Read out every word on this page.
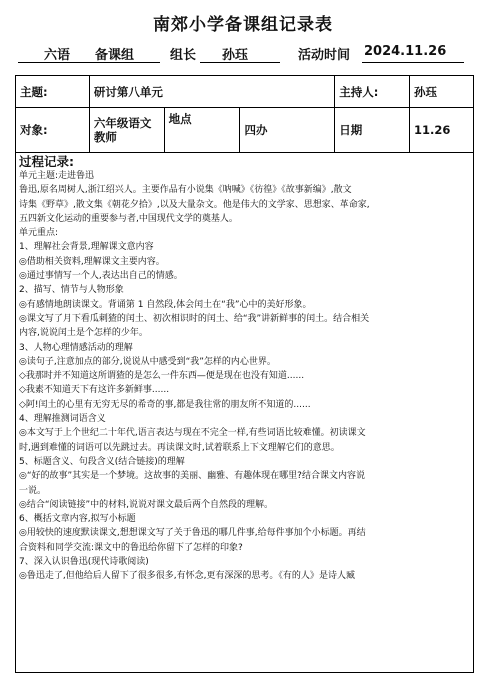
南郊小学备课组记录表
六语 备课组	组长 孙珏	活动时间 2024.11.26
主题:	研讨第八单元			主持人:	孙珏
对象:	六年级语文教师	地点	四办	日期	11.26
过程记录:
单元主题:走进鲁迅
鲁迅,原名周树人,浙江绍兴人。主要作品有小说集《呐喊》《彷徨》《故事新编》,散文
诗集《野草》,散文集《朝花夕拾》,以及大量杂文。他是伟大的文学家、思想家、革命家,
五四新文化运动的重要参与者,中国现代文学的奠基人。
单元重点:
1、理解社会背景,理解课文意内容
◎借助相关资料,理解课文主要内容。
◎通过事情写一个人,表达出自己的情感。
2、描写、情节与人物形象
◎有感情地朗读课文。背诵第 1 自然段,体会闰土在“我”心中的美好形象。
◎课文写了月下看瓜刺猹的闰土、初次相识时的闰土、给“我”讲新鲜事的闰土。结合相关
内容,说说闰土是个怎样的少年。
3、人物心理情感活动的理解
◎读句子,注意加点的部分,说说从中感受到“我”怎样的内心世界。
◇我那时并不知道这所谓猹的是怎么一件东西—便是现在也没有知道......
◇我素不知道天下有这许多新鲜事......
◇阿!闰土的心里有无穷无尽的希奇的事,都是我往常的朋友所不知道的......
4、理解推测词语含义
◎本文写于上个世纪二十年代,语言表达与现在不完全一样,有些词语比较难懂。初读课文
时,遇到难懂的词语可以先跳过去。再读课文时,试着联系上下文理解它们的意思。
5、标题含义、句段含义(结合链接)的理解
◎“好的故事”其实是一个梦境。这故事的美丽、幽雅、有趣体现在哪里?结合课文内容说
一说。
◎结合“阅读链接”中的材料,说说对课文最后两个自然段的理解。
6、概括文章内容,拟写小标题
◎用较快的速度默读课文,想想课文写了关于鲁迅的哪几件事,给每件事加个小标题。再结
合资料和同学交流:课文中的鲁迅给你留下了怎样的印象?
7、深入认识鲁迅(现代诗歌阅读)
◎鲁迅走了,但他给后人留下了很多很多,有怀念,更有深深的思考。《有的人》是诗人臧
